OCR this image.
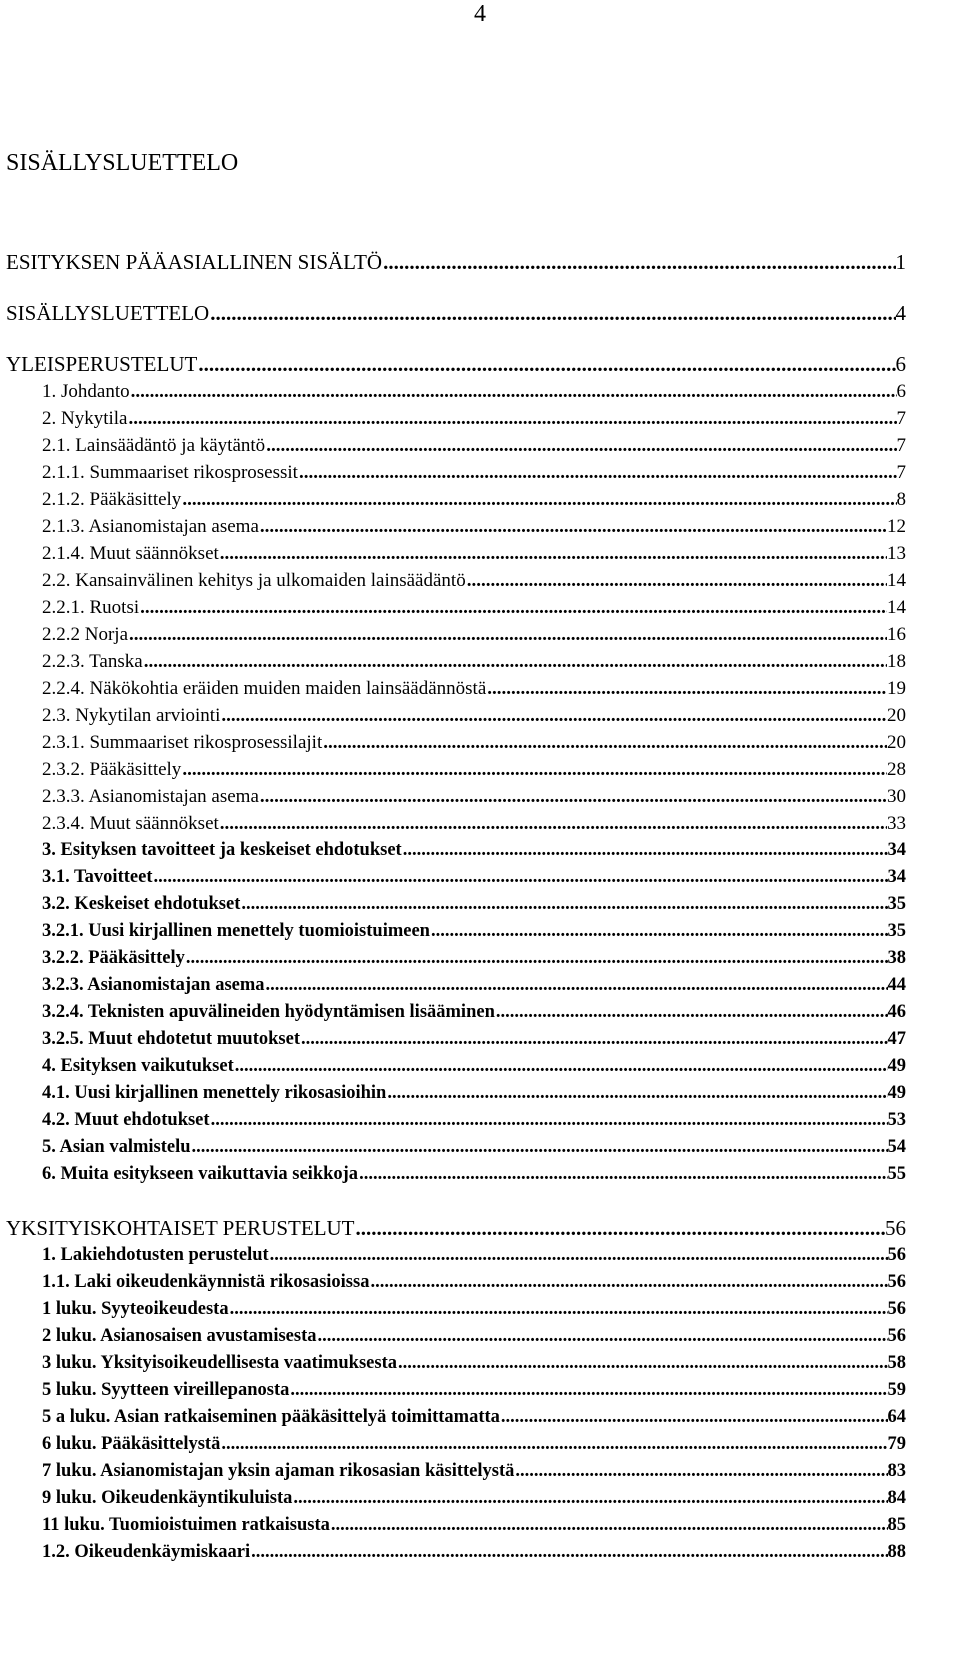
4
SISÄLLYSLUETTELO
ESITYKSEN PÄÄASIALLINEN SISÄLTÖ .....	1
SISÄLLYSLUETTELO .....	4
YLEISPERUSTELUT .....	6
1. Johdanto .....	6
2. Nykytila .....	7
2.1. Lainsäädäntö ja käytäntö .....	7
2.1.1. Summaariset rikosprosessit .....	7
2.1.2. Pääkäsittely .....	8
2.1.3. Asianomistajan asema .....	12
2.1.4. Muut säännökset .....	13
2.2. Kansainvälinen kehitys ja ulkomaiden lainsäädäntö .....	14
2.2.1. Ruotsi .....	14
2.2.2 Norja .....	16
2.2.3. Tanska .....	18
2.2.4. Näkökohtia eräiden muiden maiden lainsäädännöstä .....	19
2.3. Nykytilan arviointi .....	20
2.3.1. Summaariset rikosprosessilajit .....	20
2.3.2. Pääkäsittely .....	28
2.3.3. Asianomistajan asema .....	30
2.3.4. Muut säännökset .....	33
3. Esityksen tavoitteet ja keskeiset ehdotukset .....	34
3.1. Tavoitteet .....	34
3.2. Keskeiset ehdotukset .....	35
3.2.1. Uusi kirjallinen menettely tuomioistuimeen .....	35
3.2.2. Pääkäsittely .....	38
3.2.3. Asianomistajan asema .....	44
3.2.4. Teknisten apuvälineiden hyödyntämisen lisääminen .....	46
3.2.5. Muut ehdotetut muutokset .....	47
4. Esityksen vaikutukset .....	49
4.1. Uusi kirjallinen menettely rikosasioihin .....	49
4.2. Muut ehdotukset .....	53
5. Asian valmistelu .....	54
6. Muita esitykseen vaikuttavia seikkoja .....	55
YKSITYISKOHTAISET PERUSTELUT .....	56
1. Lakiehdotusten perustelut .....	56
1.1. Laki oikeudenkäynnistä rikosasioissa .....	56
1 luku. Syyteoikeudesta .....	56
2 luku. Asianosaisen avustamisesta .....	56
3 luku. Yksityisoikeudellisesta vaatimuksesta .....	58
5 luku. Syytteen vireillepanosta .....	59
5 a luku. Asian ratkaiseminen pääkäsittelyä toimittamatta .....	64
6 luku. Pääkäsittelystä .....	79
7 luku. Asianomistajan yksin ajaman rikosasian käsittelystä .....	83
9 luku. Oikeudenkäyntikuluista .....	84
11 luku. Tuomioistuimen ratkaisusta .....	85
1.2. Oikeudenkäymiskaari .....	88
